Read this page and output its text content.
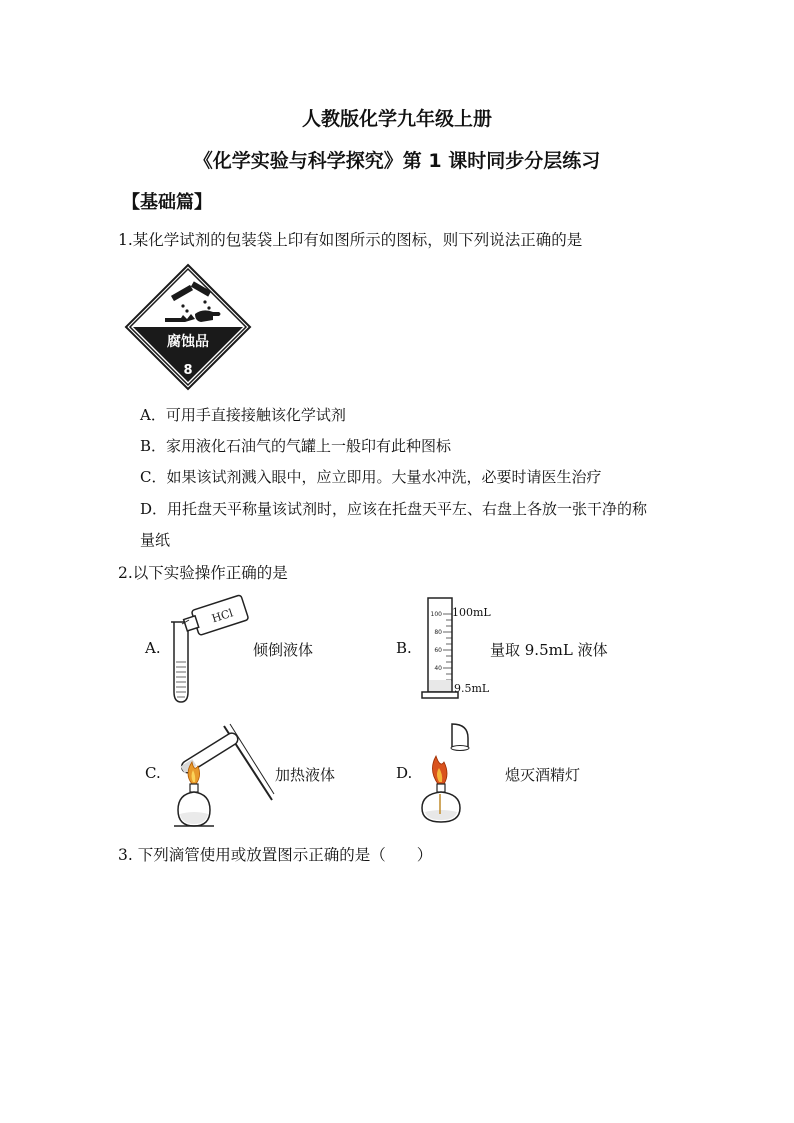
人教版化学九年级上册
《化学实验与科学探究》第 1 课时同步分层练习
【基础篇】
1.某化学试剂的包装袋上印有如图所示的图标，则下列说法正确的是
腐蚀品
8
A．可用手直接接触该化学试剂
B．家用液化石油气的气罐上一般印有此种图标
C．如果该试剂溅入眼中，应立即用。大量水冲洗，必要时请医生治疗
D．用托盘天平称量该试剂时，应该在托盘天平左、右盘上各放一张干净的称
量纸
2.以下实验操作正确的是
A.
HCl
倾倒液体	B.
100
80
60
40
100mL
9.5mL
量取 9.5mL 液体
C.	加热液体	D.	熄灭酒精灯
3. 下列滴管使用或放置图示正确的是（　　）
